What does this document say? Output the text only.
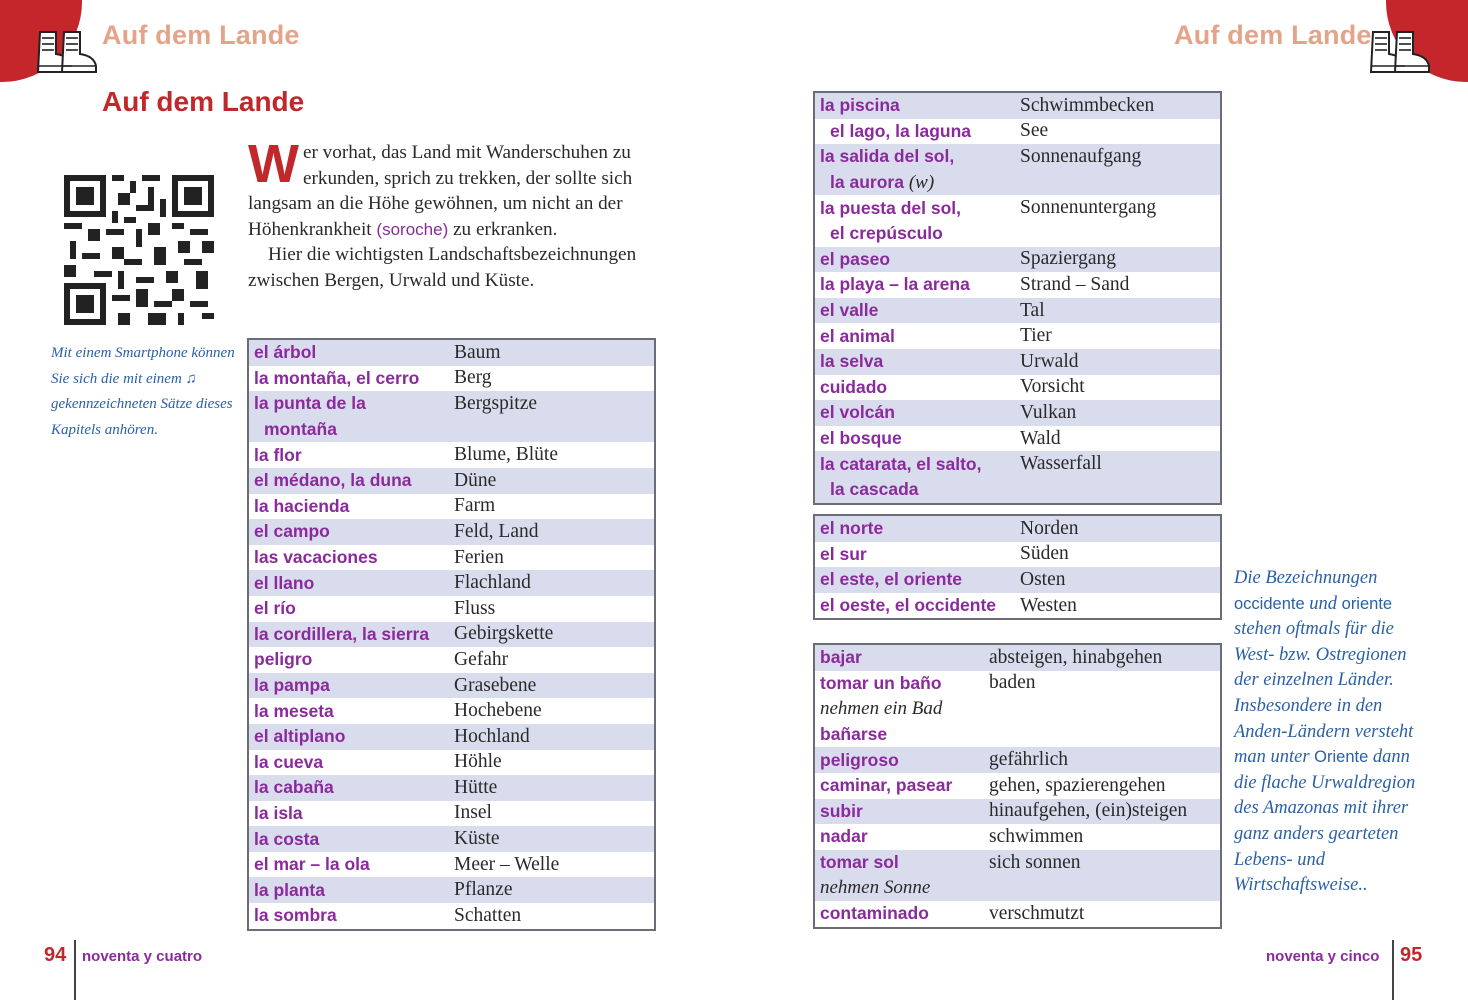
Auf dem Lande	Auf dem Lande
Auf dem Lande
Mit einem Smartphone können Sie sich die mit einem ♫ gekennzeichneten Sätze dieses Kapitels anhören.

Wer vorhat, das Land mit Wanderschuhen zu erkunden, sprich zu trekken, der sollte sich langsam an die Höhe gewöhnen, um nicht an der Höhenkrankheit (soroche) zu erkranken.

Hier die wichtigsten Landschaftsbezeichnungen zwischen Bergen, Urwald und Küste.

el árbol	Baum
la montaña, el cerro	Berg
la punta de la	Bergspitze
montaña
la flor	Blume, Blüte
el médano, la duna	Düne
la hacienda	Farm
el campo	Feld, Land
las vacaciones	Ferien
el llano	Flachland
el río	Fluss
la cordillera, la sierra	Gebirgskette
peligro	Gefahr
la pampa	Grasebene
la meseta	Hochebene
el altiplano	Hochland
la cueva	Höhle
la cabaña	Hütte
la isla	Insel
la costa	Küste
el mar – la ola	Meer – Welle
la planta	Pflanze
la sombra	Schatten
la piscina	Schwimmbecken
el lago, la laguna	See
la salida del sol,	Sonnenaufgang
la aurora (w)
la puesta del sol,	Sonnenuntergang
el crepúsculo
el paseo	Spaziergang
la playa – la arena	Strand – Sand
el valle	Tal
el animal	Tier
la selva	Urwald
cuidado	Vorsicht
el volcán	Vulkan
el bosque	Wald
la catarata, el salto,	Wasserfall
la cascada
el norte	Norden
el sur	Süden
el este, el oriente	Osten
el oeste, el occidente	Westen
bajar	absteigen, hinabgehen
tomar un baño	baden
nehmen ein Bad
bañarse
peligroso	gefährlich
caminar, pasear	gehen, spazierengehen
subir	hinaufgehen, (ein)steigen
nadar	schwimmen
tomar sol	sich sonnen
nehmen Sonne
contaminado	verschmutzt
Die Bezeichnungen occidente und oriente stehen oftmals für die West- bzw. Ostregionen der einzelnen Länder. Insbesondere in den Anden-Ländern versteht man unter Oriente dann die flache Urwaldregion des Amazonas mit ihrer ganz anders gearteten Lebens- und Wirtschaftsweise..
94 noventa y cuatro	noventa y cinco 95
